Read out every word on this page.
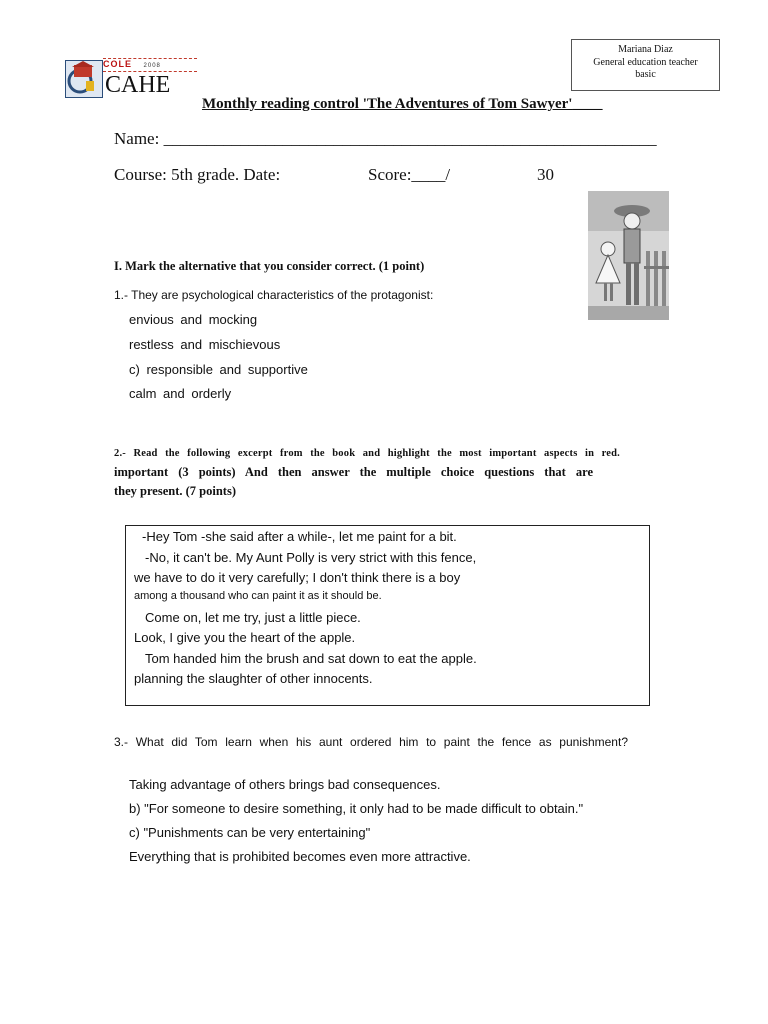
Mariana Diaz
General education teacher
basic
COLE 2008
CAHE
Monthly reading control 'The Adventures of Tom Sawyer'____
Name: __________________________________________________________
Course: 5th grade. Date:	Score:____/	30
I. Mark the alternative that you consider correct. (1 point)
1.- They are psychological characteristics of the protagonist:
envious and mocking
restless and mischievous
c) responsible and supportive
calm and orderly
2.- Read the following excerpt from the book and highlight the most important aspects in red.
important (3 points) And then answer the multiple choice questions that are
they present. (7 points)
-Hey Tom -she said after a while-, let me paint for a bit.
-No, it can't be. My Aunt Polly is very strict with this fence,
we have to do it very carefully; I don't think there is a boy
among a thousand who can paint it as it should be.
Come on, let me try, just a little piece.
Look, I give you the heart of the apple.
Tom handed him the brush and sat down to eat the apple.
planning the slaughter of other innocents.
3.- What did Tom learn when his aunt ordered him to paint the fence as punishment?
Taking advantage of others brings bad consequences.
b) "For someone to desire something, it only had to be made difficult to obtain."
c) "Punishments can be very entertaining"
Everything that is prohibited becomes even more attractive.
